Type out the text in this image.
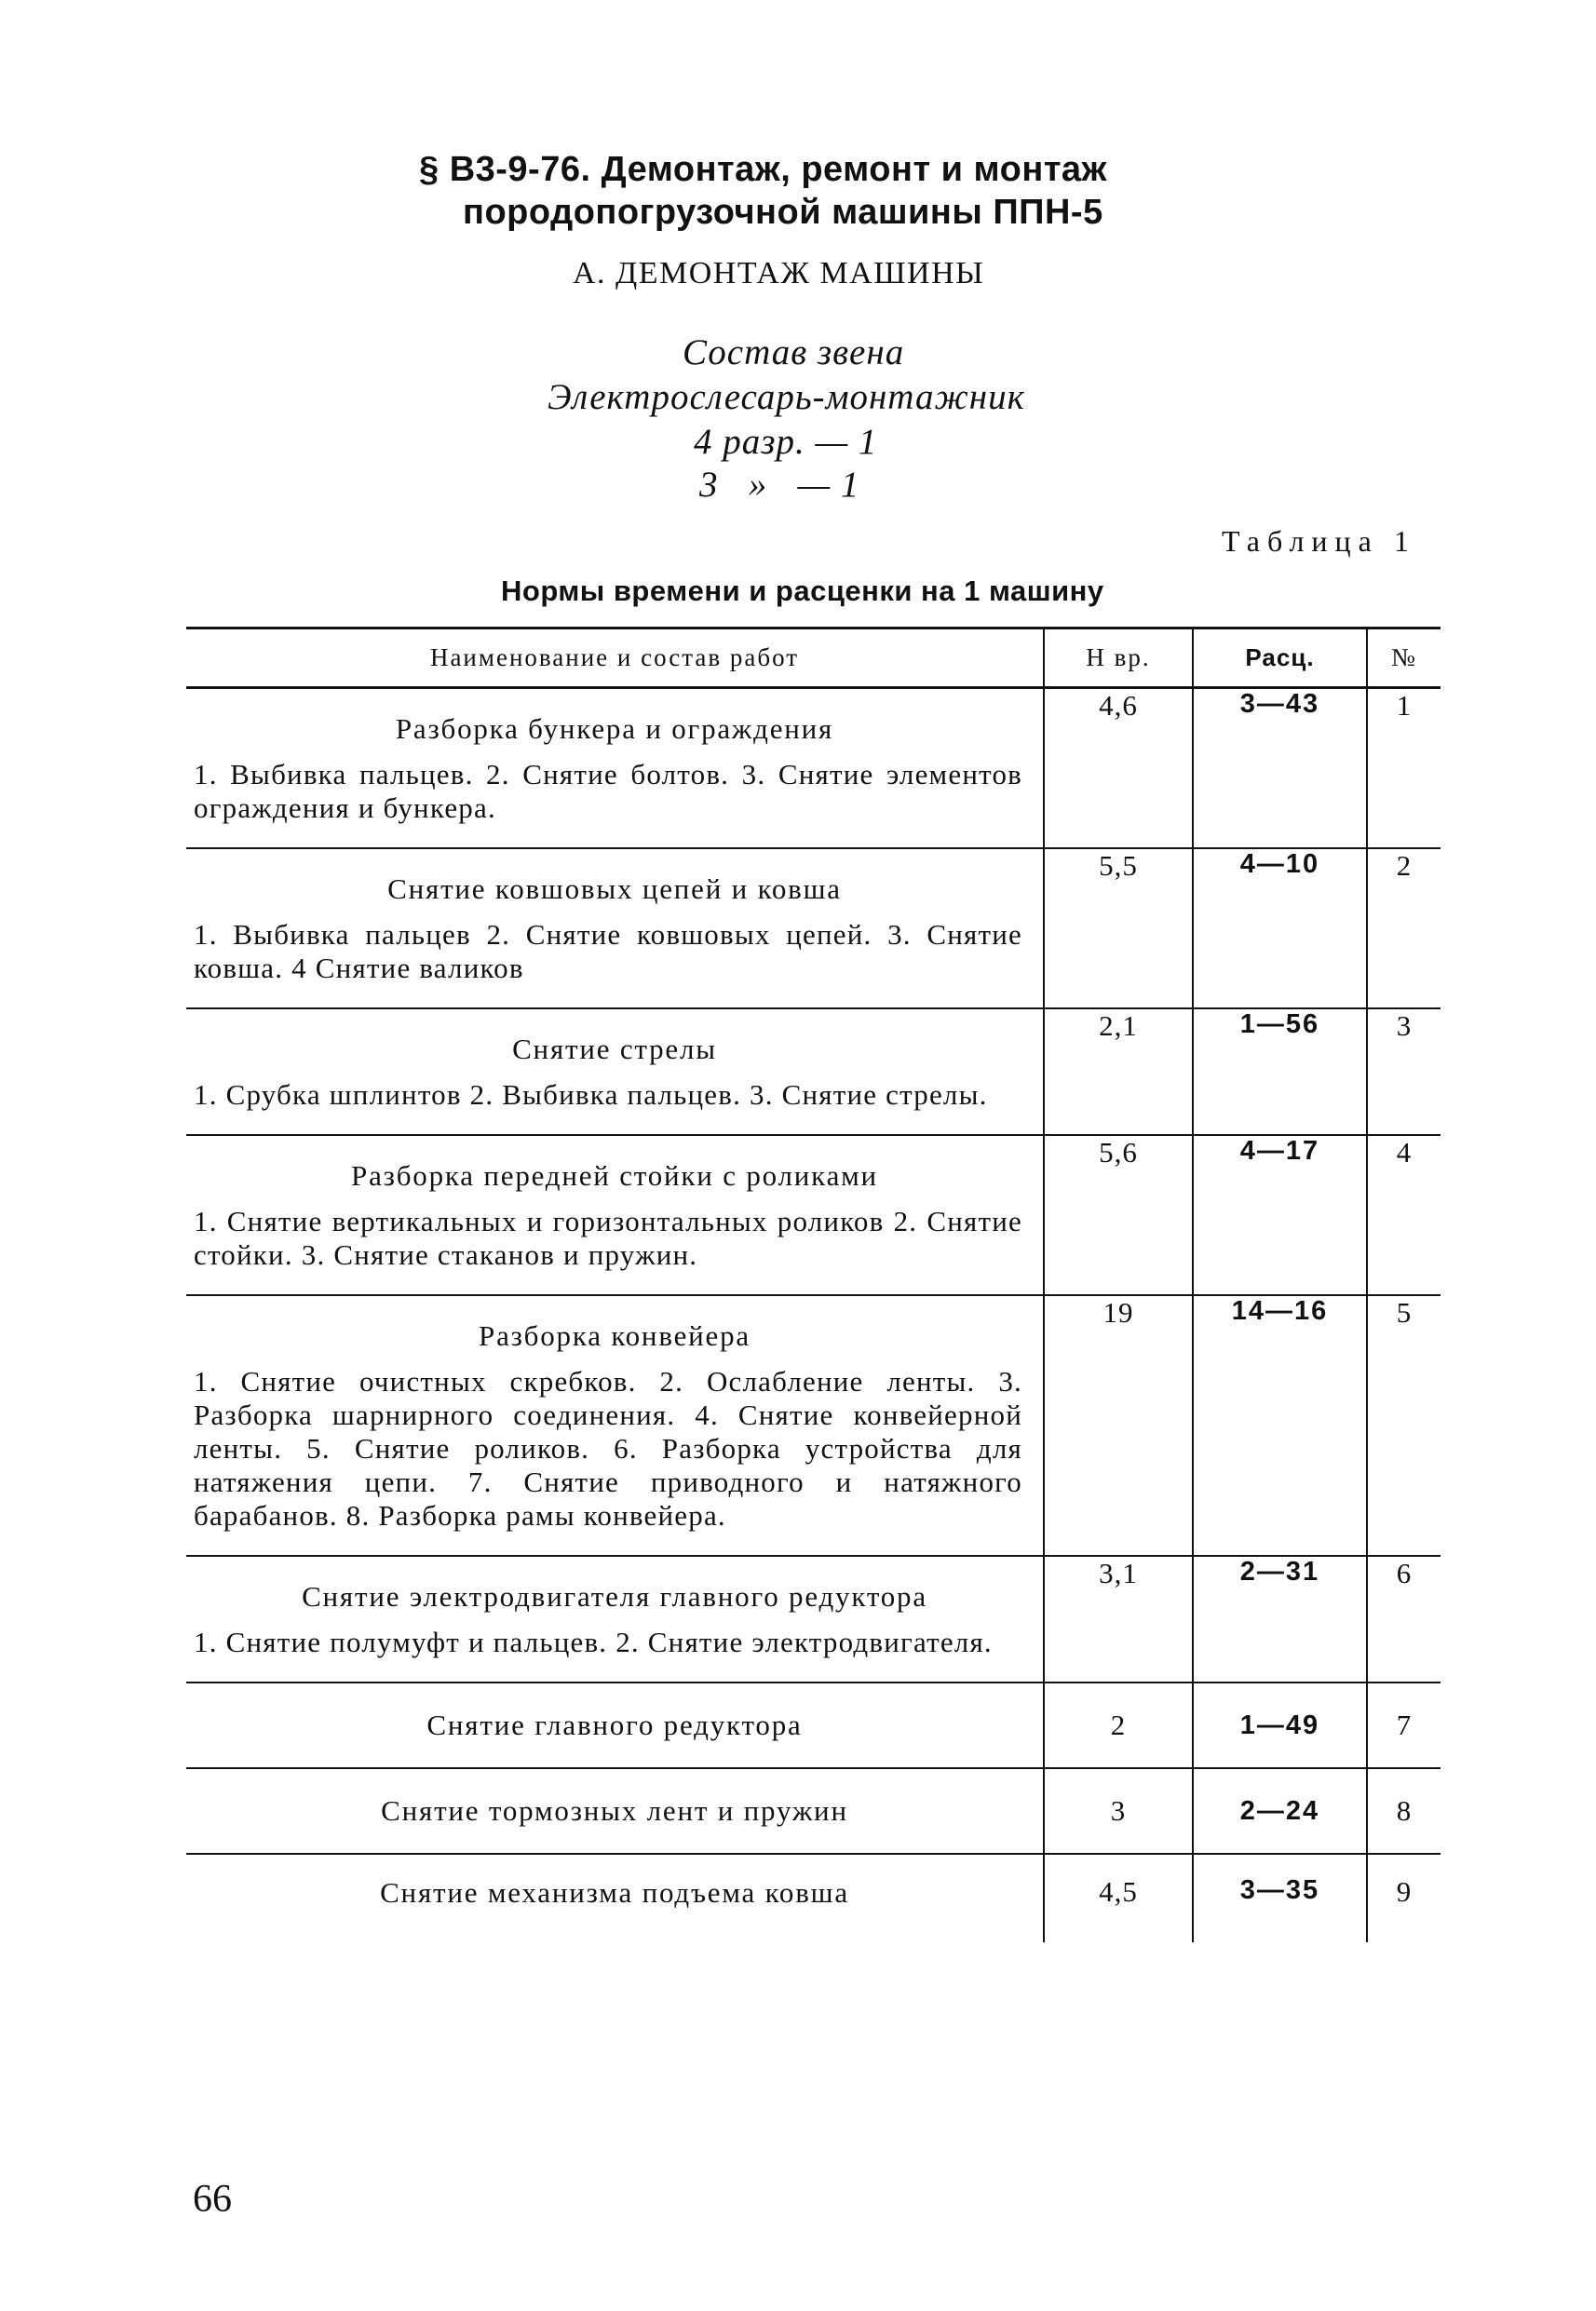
§ В3-9-76. Демонтаж, ремонт и монтаж
породопогрузочной машины ППН-5
А. ДЕМОНТАЖ МАШИНЫ
Состав звена
Электрослесарь-монтажник
4 разр. — 1
3   »   — 1
Таблица 1
Нормы времени и расценки на 1 машину
Наименование и состав работ	Н вр.	Расц.	№

Разборка бункера и ограждения
1. Выбивка пальцев. 2. Снятие болтов. 3. Снятие элементов ограждения и бункера.	4,6	3—43	1

Снятие ковшовых цепей и ковша
1. Выбивка пальцев 2. Снятие ковшовых цепей. 3. Снятие ковша. 4 Снятие валиков	5,5	4—10	2

Снятие стрелы
1. Срубка шплинтов 2. Выбивка пальцев. 3. Снятие стрелы.	2,1	1—56	3

Разборка передней стойки с роликами
1. Снятие вертикальных и горизонтальных роликов 2. Снятие стойки. 3. Снятие стаканов и пружин.	5,6	4—17	4

Разборка конвейера
1. Снятие очистных скребков. 2. Ослабление ленты. 3. Разборка шарнирного соединения. 4. Снятие конвейерной ленты. 5. Снятие роликов. 6. Разборка устройства для натяжения цепи. 7. Снятие приводного и натяжного барабанов. 8. Разборка рамы конвейера.	19	14—16	5

Снятие электродвигателя главного редуктора
1. Снятие полумуфт и пальцев. 2. Снятие электродвигателя.	3,1	2—31	6

Снятие главного редуктора	2	1—49	7

Снятие тормозных лент и пружин	3	2—24	8

Снятие механизма подъема ковша	4,5	3—35	9
66
